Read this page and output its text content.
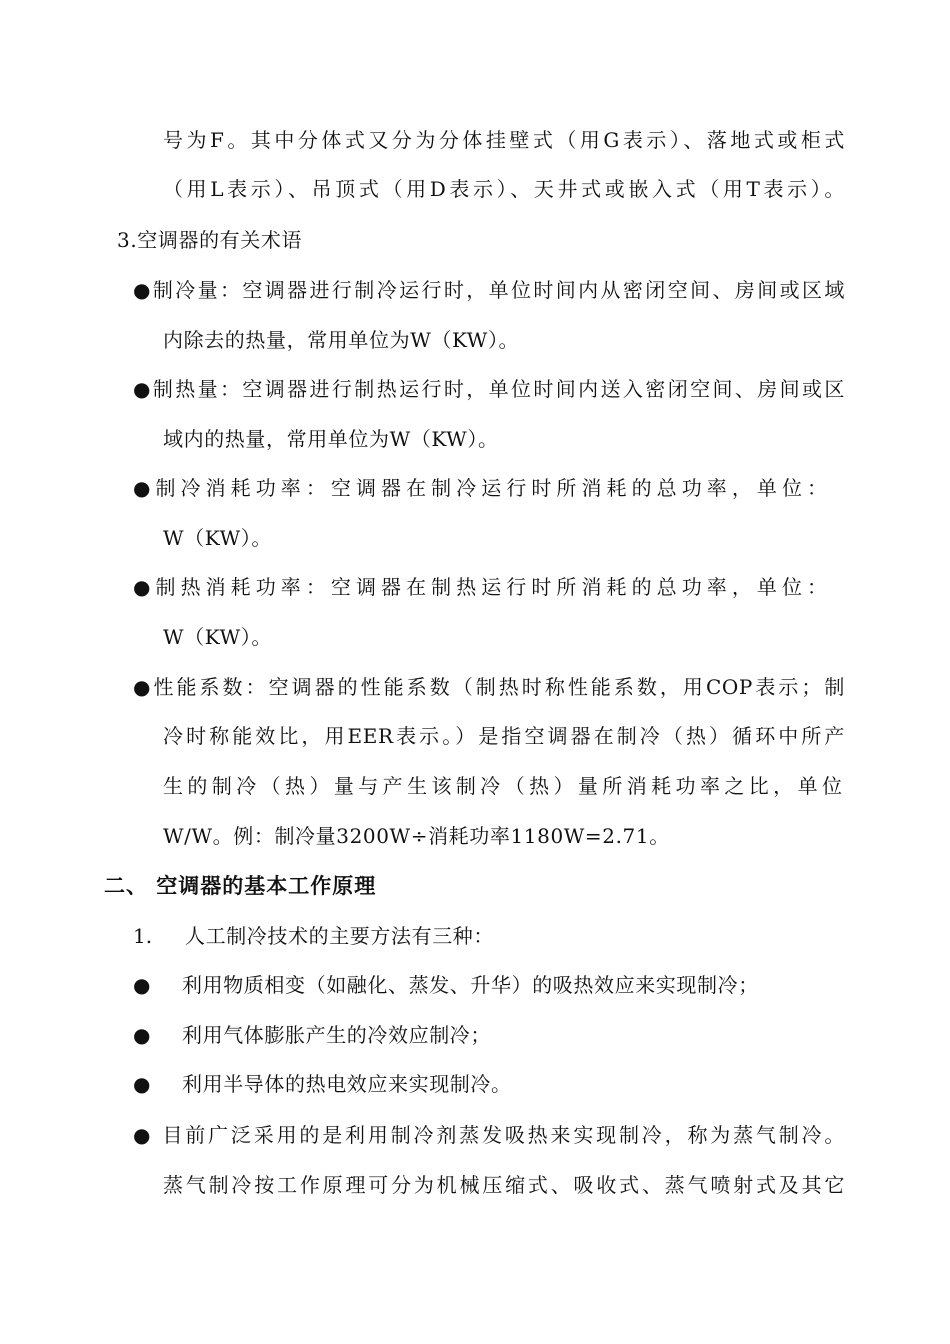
号为F。其中分体式又分为分体挂壁式（用G表示）、落地式或柜式
（用L表示）、吊顶式（用D表示）、天井式或嵌入式（用T表示）。
3.空调器的有关术语
●制冷量：空调器进行制冷运行时，单位时间内从密闭空间、房间或区域
内除去的热量，常用单位为W（KW）。
●制热量：空调器进行制热运行时，单位时间内送入密闭空间、房间或区
域内的热量，常用单位为W（KW）。
●制冷消耗功率：空调器在制冷运行时所消耗的总功率，单位：
W（KW）。
●制热消耗功率：空调器在制热运行时所消耗的总功率，单位：
W（KW）。
●性能系数：空调器的性能系数（制热时称性能系数，用COP表示；制
冷时称能效比，用EER表示。）是指空调器在制冷（热）循环中所产
生的制冷（热）量与产生该制冷（热）量所消耗功率之比，单位
W/W。例：制冷量3200W÷消耗功率1180W=2.71。
二、 空调器的基本工作原理
1. 人工制冷技术的主要方法有三种：
● 利用物质相变（如融化、蒸发、升华）的吸热效应来实现制冷；
● 利用气体膨胀产生的冷效应制冷；
● 利用半导体的热电效应来实现制冷。
● 目前广泛采用的是利用制冷剂蒸发吸热来实现制冷，称为蒸气制冷。
蒸气制冷按工作原理可分为机械压缩式、吸收式、蒸气喷射式及其它
